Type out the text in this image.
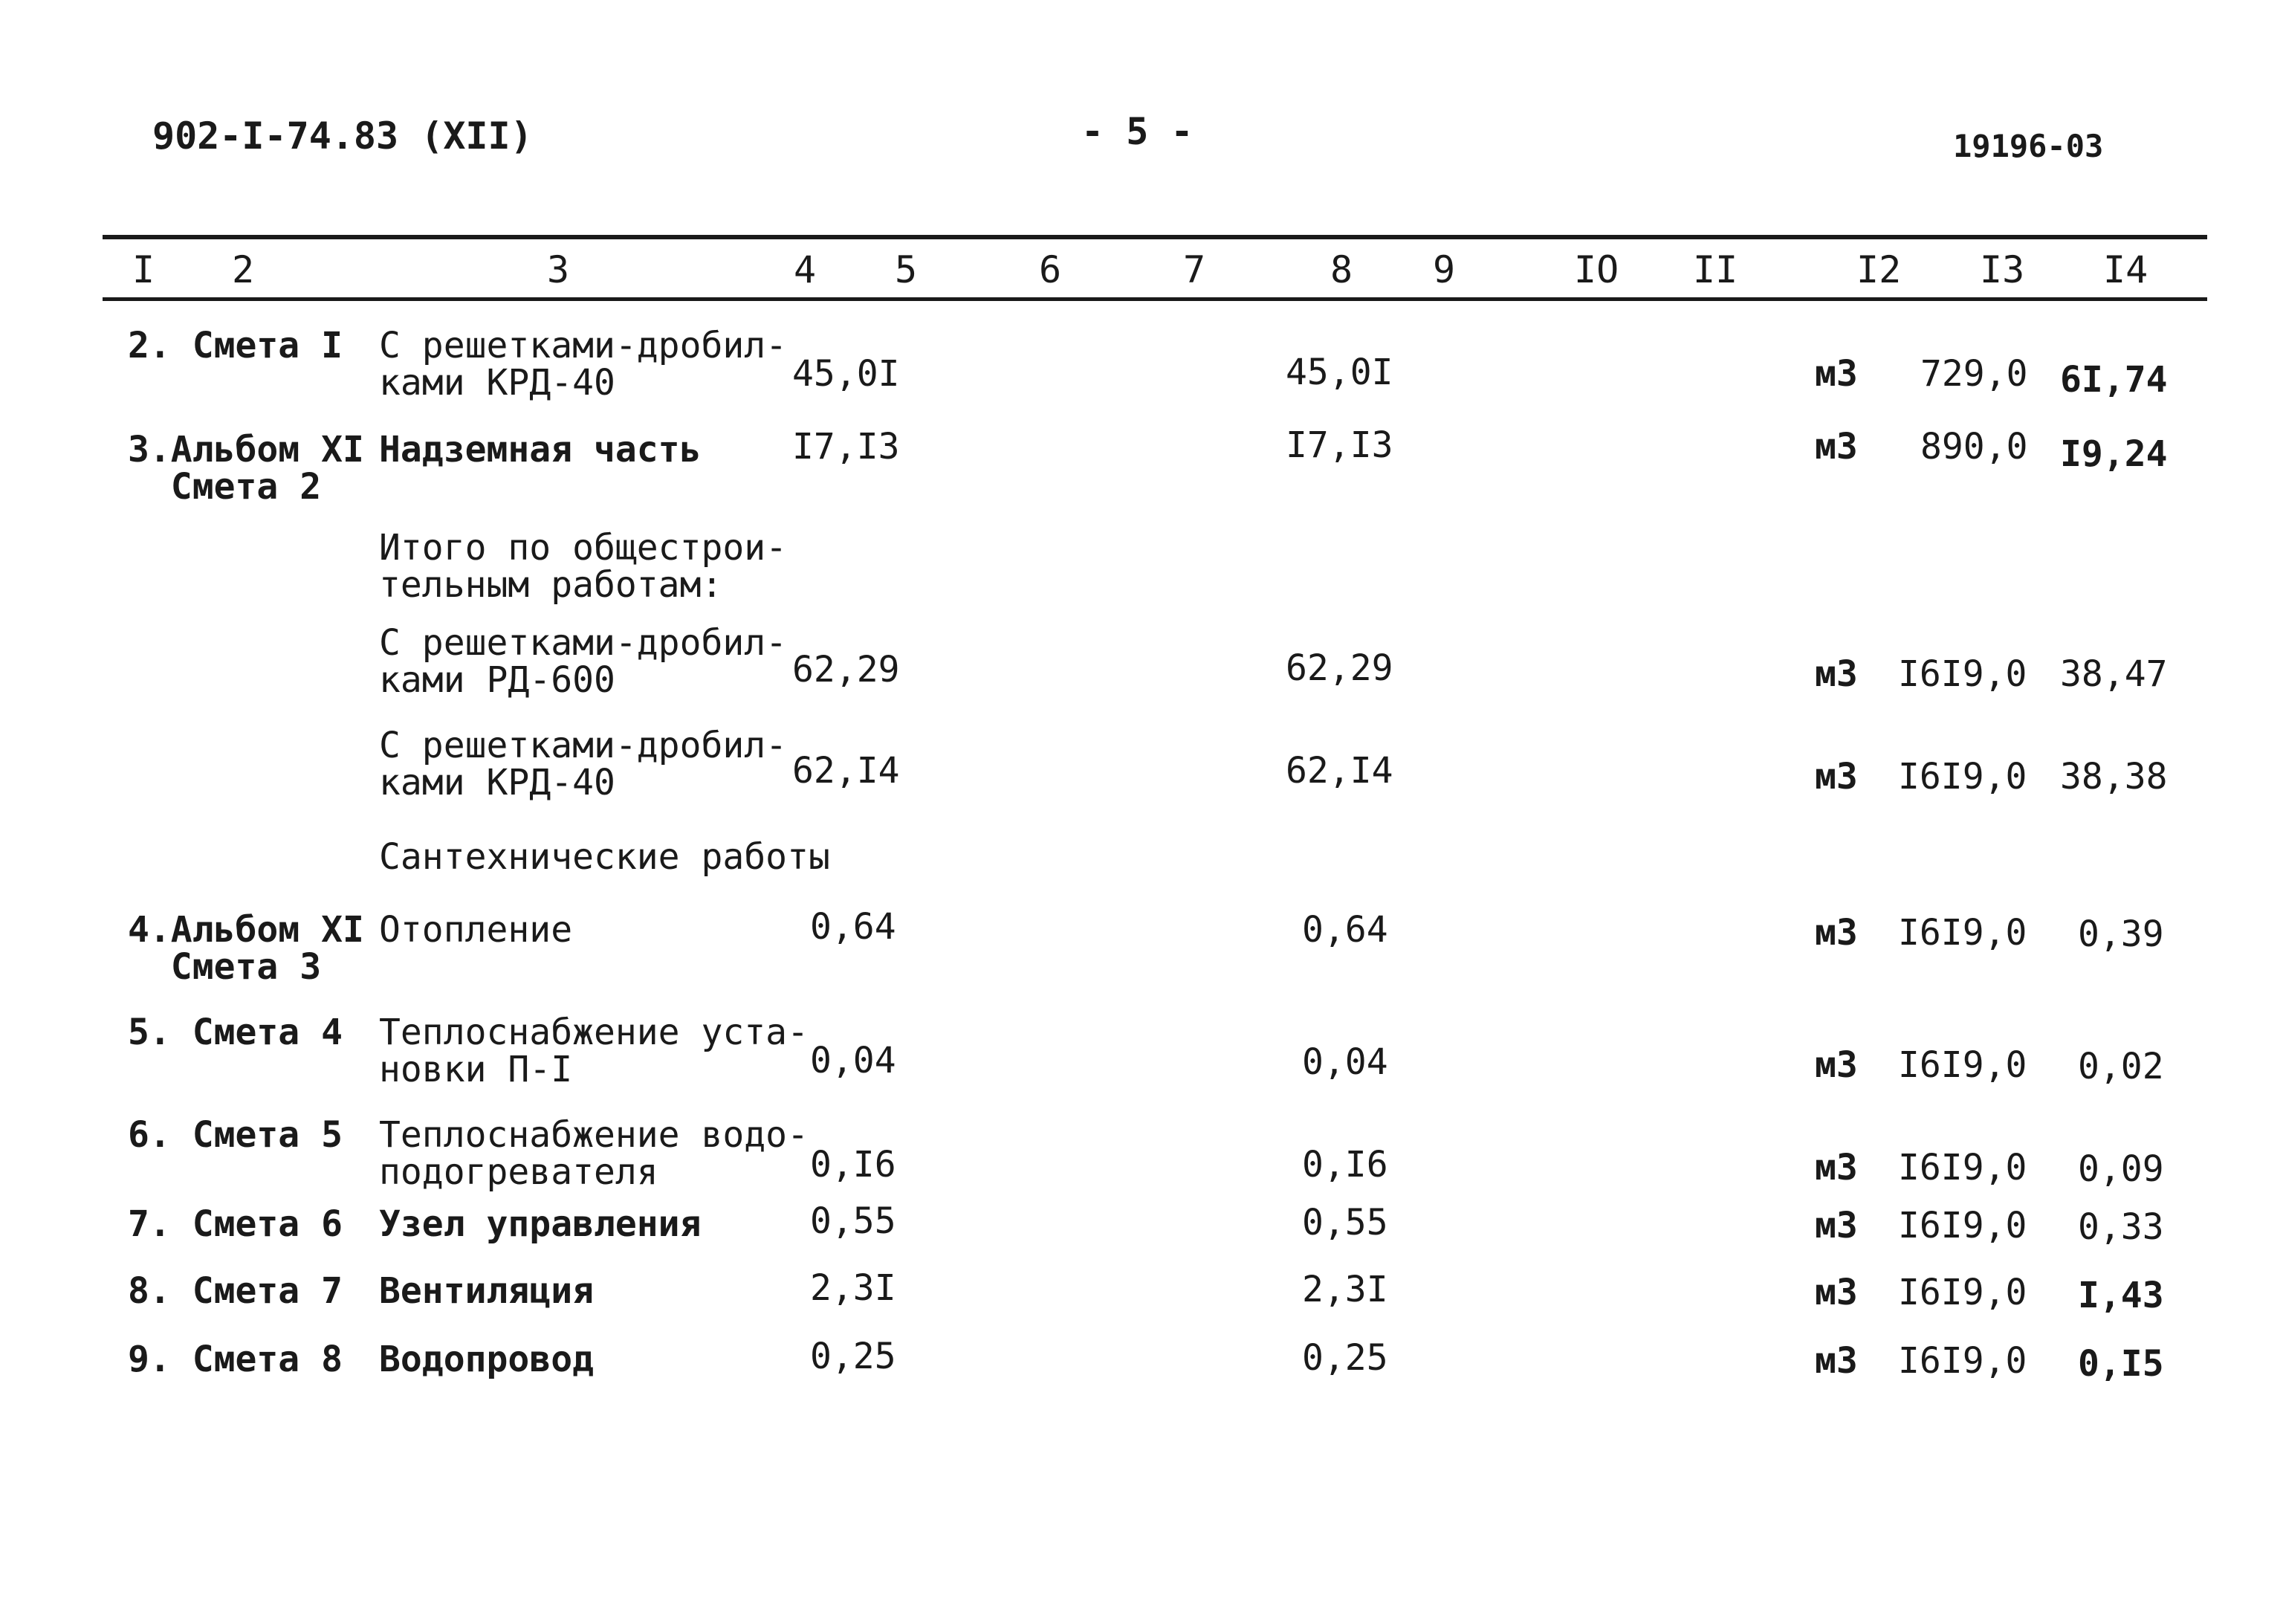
902-I-74.83 (XII)	- 5 -	19196-03
I 2	3	4 5	6	7	8 9	IO II	I2 I3 I4
2. Смета I С решетками-дробил-
ками КРД-40	45,0I	45,0I	м3 729,0 6I,74
3.Альбом XI
Смета 2
Надземная часть	I7,I3	I7,I3	м3 890,0 I9,24
Итого по общестрои-
тельным работам:
С решетками-дробил-
ками РД-600	62,29	62,29	м3 I6I9,0 38,47
С решетками-дробил-
ками КРД-40	62,I4	62,I4	м3 I6I9,0 38,38
Сантехнические работы
4.Альбом XI
Смета 3
Отопление	0,64	0,64	м3 I6I9,0 0,39
5. Смета 4 Теплоснабжение уста-
новки П-I	0,04	0,04	м3 I6I9,0 0,02
6. Смета 5 Теплоснабжение водо-
подогревателя	0,I6	0,I6	м3 I6I9,0 0,09
7. Смета 6 Узел управления	0,55	0,55	м3 I6I9,0 0,33
8. Смета 7 Вентиляция	2,3I	2,3I	м3 I6I9,0 I,43
9. Смета 8 Водопровод	0,25	0,25	м3 I6I9,0 0,I5
